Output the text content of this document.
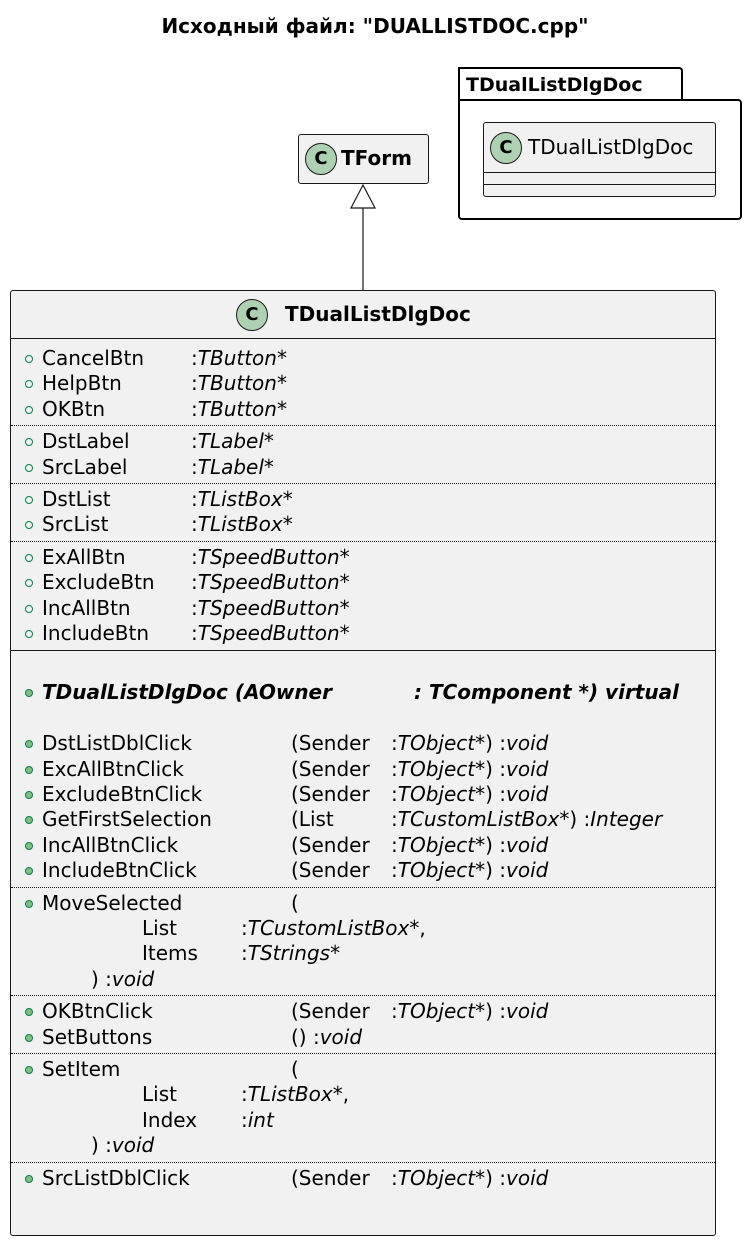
Исходный файл: "DUALLISTDOC.cpp"
TDualListDlgDoc
C TDualListDlgDoc
C TForm
C	TDualListDlgDoc
CancelBtn : TButton *
HelpBtn	: TButton *
OKBtn	: TButton *
DstLabel	: TLabel *
SrcLabel	: TLabel *
DstList	: TListBox *
SrcList	: TListBox *
ExAllBtn	: TSpeedButton *
ExcludeBtn : TSpeedButton *
IncAllBtn	: TSpeedButton *
IncludeBtn : TSpeedButton *
TDualListDlgDoc (AOwner	: TComponent *) virtual
DstListDblClick	(Sender : TObject *) : void
ExcAllBtnClick	(Sender : TObject *) : void
ExcludeBtnClick	(Sender : TObject *) : void
GetFirstSelection	(List	: TCustomListBox *) : Integer
IncAllBtnClick	(Sender : TObject *) : void
IncludeBtnClick	(Sender : TObject *) : void
MoveSelected	(
List	: TCustomListBox *,
Items : TStrings *
) : void
OKBtnClick	(Sender : TObject *) : void
SetButtons	() : void
SetItem	(
List	: TListBox *,
Index : int
) : void
SrcListDblClick	(Sender : TObject *) : void
